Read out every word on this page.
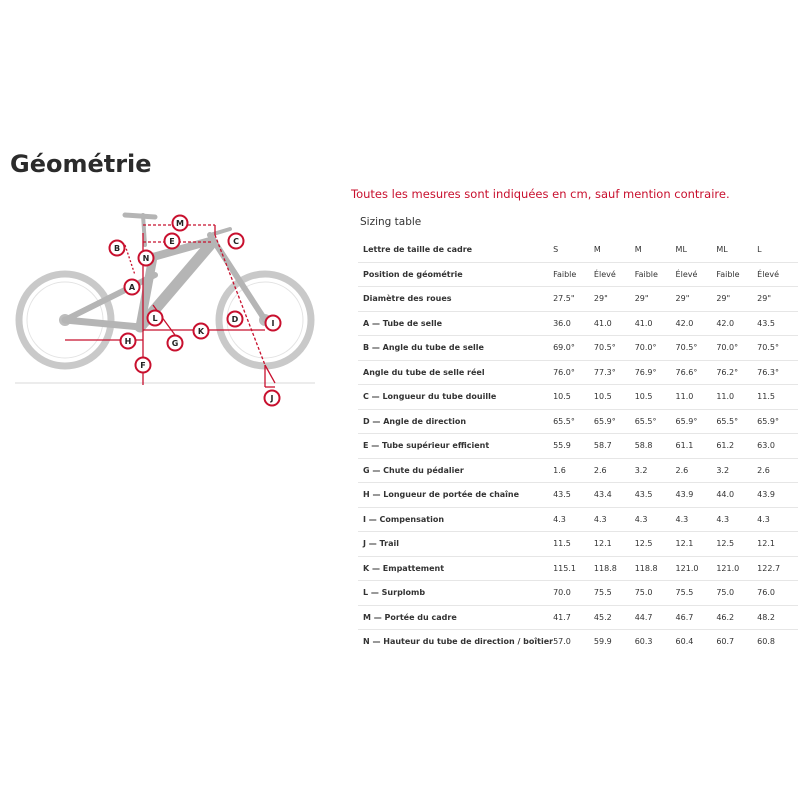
Géométrie
Toutes les mesures sont indiquées en cm, sauf mention contraire.
Sizing table
M
E	C
B
N
A
L	D	I
K
H	G
F
J
Lettre de taille de cadre	S	M	M	ML	ML	L
Position de géométrie	Faible	Élevé	Faible	Élevé	Faible	Élevé
Diamètre des roues	27.5"	29"	29"	29"	29"	29"
A — Tube de selle	36.0	41.0	41.0	42.0	42.0	43.5
B — Angle du tube de selle	69.0°	70.5°	70.0°	70.5°	70.0°	70.5°
Angle du tube de selle réel	76.0°	77.3°	76.9°	76.6°	76.2°	76.3°
C — Longueur du tube douille	10.5	10.5	10.5	11.0	11.0	11.5
D — Angle de direction	65.5°	65.9°	65.5°	65.9°	65.5°	65.9°
E — Tube supérieur efficient	55.9	58.7	58.8	61.1	61.2	63.0
G — Chute du pédalier	1.6	2.6	3.2	2.6	3.2	2.6
H — Longueur de portée de chaîne	43.5	43.4	43.5	43.9	44.0	43.9
I — Compensation	4.3	4.3	4.3	4.3	4.3	4.3
J — Trail	11.5	12.1	12.5	12.1	12.5	12.1
K — Empattement	115.1	118.8	118.8	121.0	121.0	122.7
L — Surplomb	70.0	75.5	75.0	75.5	75.0	76.0
M — Portée du cadre	41.7	45.2	44.7	46.7	46.2	48.2
N — Hauteur du tube de direction / boîtier	57.0	59.9	60.3	60.4	60.7	60.8
